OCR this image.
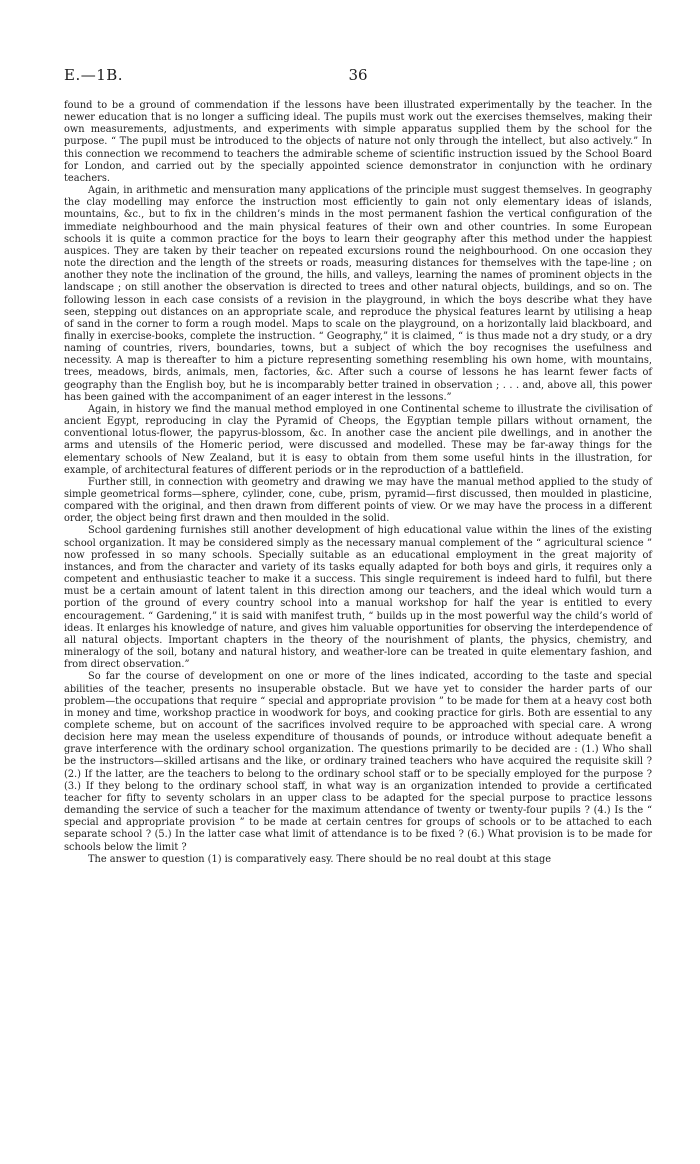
E.—1B.	36

found to be a ground of commendation if the lessons have been illustrated experimentally by the teacher. In the newer education that is no longer a sufficing ideal. The pupils must work out the exercises themselves, making their own measurements, adjustments, and experiments with simple apparatus supplied them by the school for the purpose. “ The pupil must be introduced to the objects of nature not only through the intellect, but also actively.” In this connection we recommend to teachers the admirable scheme of scientific instruction issued by the School Board for London, and carried out by the specially appointed science demonstrator in conjunction with he ordinary teachers.

Again, in arithmetic and mensuration many applications of the principle must suggest themselves. In geography the clay modelling may enforce the instruction most efficiently to gain not only elementary ideas of islands, mountains, &c., but to fix in the children’s minds in the most permanent fashion the vertical configuration of the immediate neighbourhood and the main physical features of their own and other countries. In some European schools it is quite a common practice for the boys to learn their geography after this method under the happiest auspices. They are taken by their teacher on repeated excursions round the neighbourhood. On one occasion they note the direction and the length of the streets or roads, measuring distances for themselves with the tape-line ; on another they note the inclination of the ground, the hills, and valleys, learning the names of prominent objects in the landscape ; on still another the observation is directed to trees and other natural objects, buildings, and so on. The following lesson in each case consists of a revision in the playground, in which the boys describe what they have seen, stepping out distances on an appropriate scale, and reproduce the physical features learnt by utilising a heap of sand in the corner to form a rough model. Maps to scale on the playground, on a horizontally laid blackboard, and finally in exercise-books, complete the instruction. “ Geography,” it is claimed, “ is thus made not a dry study, or a dry naming of countries, rivers, boundaries, towns, but a subject of which the boy recognises the usefulness and necessity. A map is thereafter to him a picture representing something resembling his own home, with mountains, trees, meadows, birds, animals, men, factories, &c. After such a course of lessons he has learnt fewer facts of geography than the English boy, but he is incomparably better trained in observation ; . . . and, above all, this power has been gained with the accompaniment of an eager interest in the lessons.”

Again, in history we find the manual method employed in one Continental scheme to illustrate the civilisation of ancient Egypt, reproducing in clay the Pyramid of Cheops, the Egyptian temple pillars without ornament, the conventional lotus-flower, the papyrus-blossom, &c. In another case the ancient pile dwellings, and in another the arms and utensils of the Homeric period, were discussed and modelled. These may be far-away things for the elementary schools of New Zealand, but it is easy to obtain from them some useful hints in the illustration, for example, of architectural features of different periods or in the reproduction of a battlefield.

Further still, in connection with geometry and drawing we may have the manual method applied to the study of simple geometrical forms—sphere, cylinder, cone, cube, prism, pyramid—first discussed, then moulded in plasticine, compared with the original, and then drawn from different points of view. Or we may have the process in a different order, the object being first drawn and then moulded in the solid.

School gardening furnishes still another development of high educational value within the lines of the existing school organization. It may be considered simply as the necessary manual complement of the “ agricultural science ” now professed in so many schools. Specially suitable as an educational employment in the great majority of instances, and from the character and variety of its tasks equally adapted for both boys and girls, it requires only a competent and enthusiastic teacher to make it a success. This single requirement is indeed hard to fulfil, but there must be a certain amount of latent talent in this direction among our teachers, and the ideal which would turn a portion of the ground of every country school into a manual workshop for half the year is entitled to every encouragement. “ Gardening,” it is said with manifest truth, “ builds up in the most powerful way the child’s world of ideas. It enlarges his knowledge of nature, and gives him valuable opportunities for observing the interdependence of all natural objects. Important chapters in the theory of the nourishment of plants, the physics, chemistry, and mineralogy of the soil, botany and natural history, and weather-lore can be treated in quite elementary fashion, and from direct observation.”

So far the course of development on one or more of the lines indicated, according to the taste and special abilities of the teacher, presents no insuperable obstacle. But we have yet to consider the harder parts of our problem—the occupations that require “ special and appropriate provision ” to be made for them at a heavy cost both in money and time, workshop practice in woodwork for boys, and cooking practice for girls. Both are essential to any complete scheme, but on account of the sacrifices involved require to be approached with special care. A wrong decision here may mean the useless expenditure of thousands of pounds, or introduce without adequate benefit a grave interference with the ordinary school organization. The questions primarily to be decided are : (1.) Who shall be the instructors—skilled artisans and the like, or ordinary trained teachers who have acquired the requisite skill ? (2.) If the latter, are the teachers to belong to the ordinary school staff or to be specially employed for the purpose ? (3.) If they belong to the ordinary school staff, in what way is an organization intended to provide a certificated teacher for fifty to seventy scholars in an upper class to be adapted for the special purpose to practice lessons demanding the service of such a teacher for the maximum attendance of twenty or twenty-four pupils ? (4.) Is the “ special and appropriate provision ” to be made at certain centres for groups of schools or to be attached to each separate school ? (5.) In the latter case what limit of attendance is to be fixed ? (6.) What provision is to be made for schools below the limit ?

The answer to question (1) is comparatively easy. There should be no real doubt at this stage
